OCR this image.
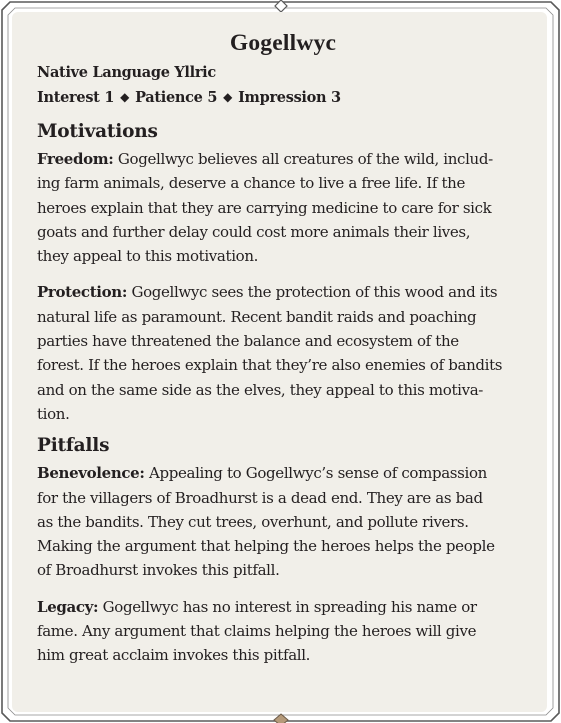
Gogellwyc
Native Language Yllric
Interest 1 ◆ Patience 5 ◆ Impression 3
Motivations
Freedom: Gogellwyc believes all creatures of the wild, includ-
ing farm animals, deserve a chance to live a free life. If the
heroes explain that they are carrying medicine to care for sick
goats and further delay could cost more animals their lives,
they appeal to this motivation.
Protection: Gogellwyc sees the protection of this wood and its
natural life as paramount. Recent bandit raids and poaching
parties have threatened the balance and ecosystem of the
forest. If the heroes explain that they’re also enemies of bandits
and on the same side as the elves, they appeal to this motiva-
tion.
Pitfalls
Benevolence: Appealing to Gogellwyc’s sense of compassion
for the villagers of Broadhurst is a dead end. They are as bad
as the bandits. They cut trees, overhunt, and pollute rivers.
Making the argument that helping the heroes helps the people
of Broadhurst invokes this pitfall.
Legacy: Gogellwyc has no interest in spreading his name or
fame. Any argument that claims helping the heroes will give
him great acclaim invokes this pitfall.
